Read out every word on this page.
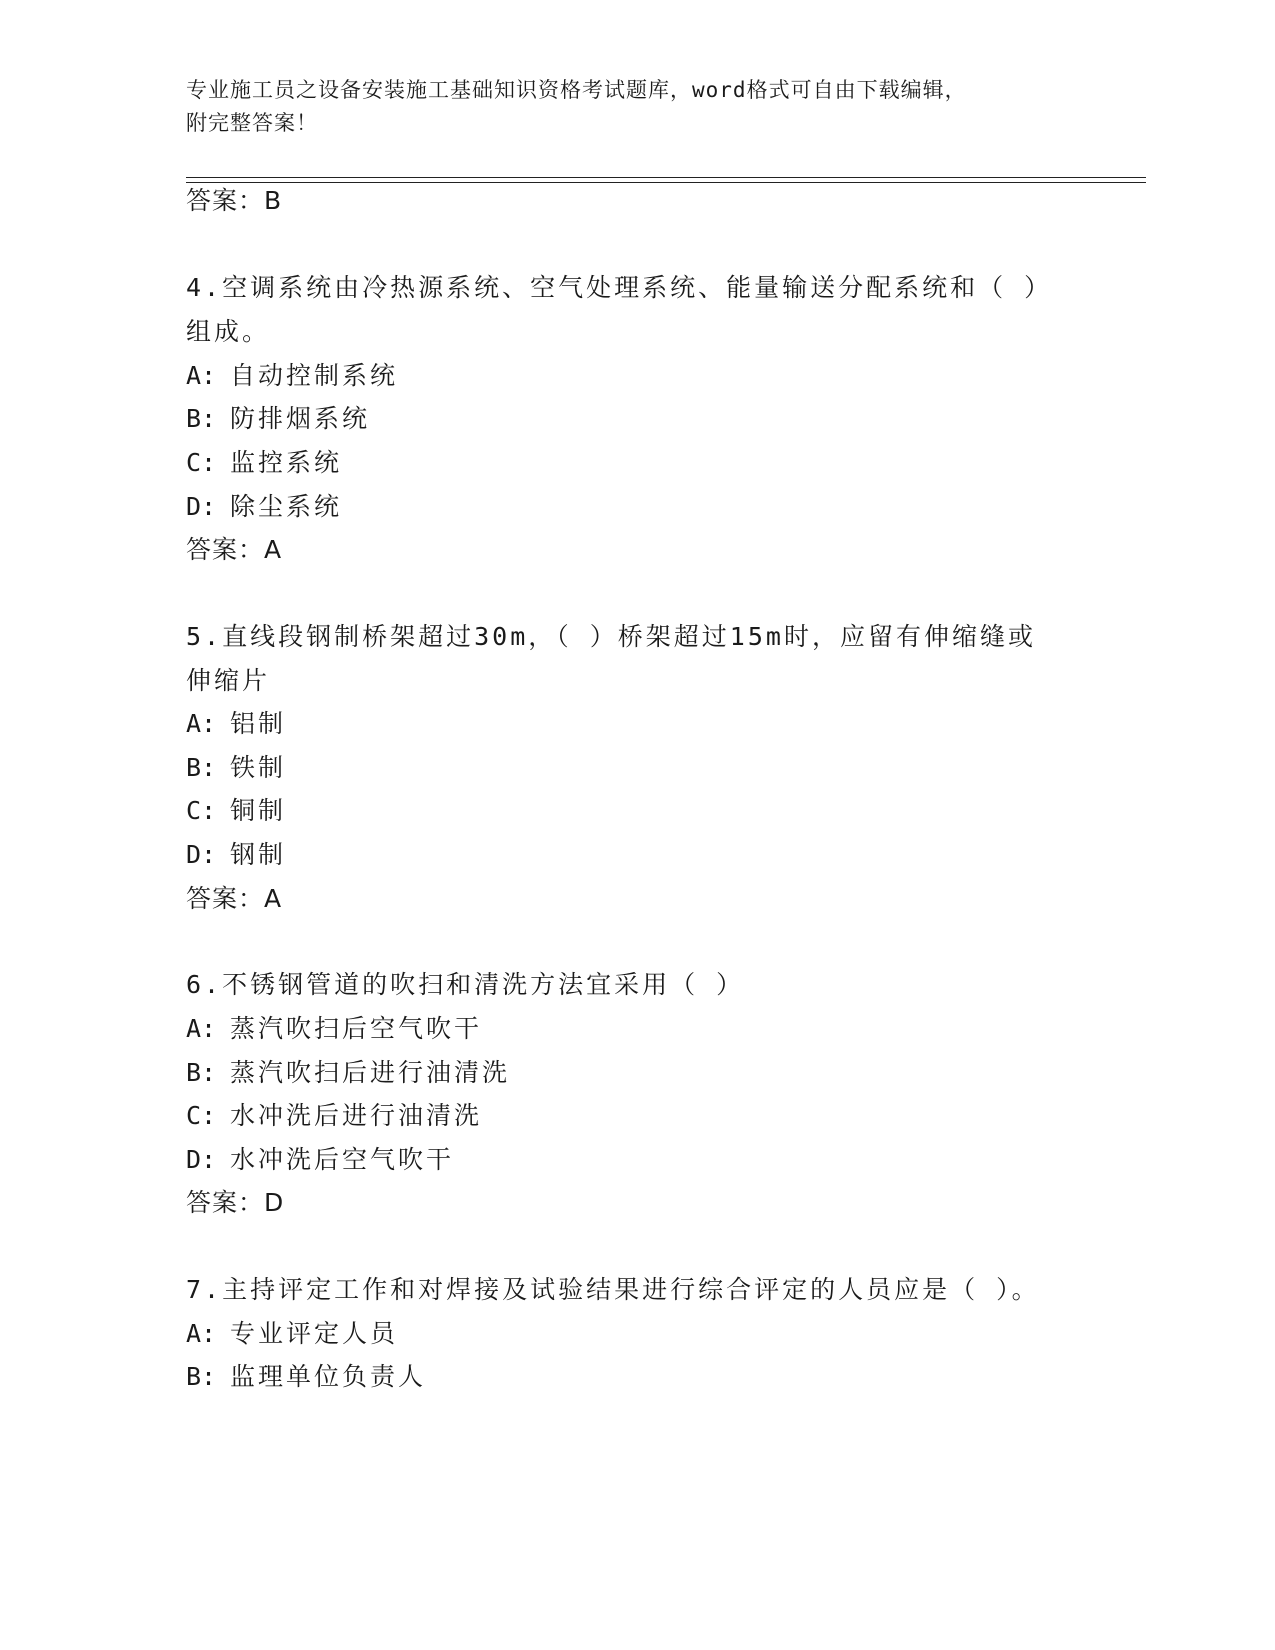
专业施工员之设备安装施工基础知识资格考试题库，word格式可自由下载编辑，
附完整答案！
答案：B
4.空调系统由冷热源系统、空气处理系统、能量输送分配系统和（ ）
组成。
A: 自动控制系统
B: 防排烟系统
C: 监控系统
D: 除尘系统
答案：A
5.直线段钢制桥架超过30m，（ ）桥架超过15m时，应留有伸缩缝或
伸缩片
A: 铝制
B: 铁制
C: 铜制
D: 钢制
答案：A
6.不锈钢管道的吹扫和清洗方法宜采用（ ）
A: 蒸汽吹扫后空气吹干
B: 蒸汽吹扫后进行油清洗
C: 水冲洗后进行油清洗
D: 水冲洗后空气吹干
答案：D
7.主持评定工作和对焊接及试验结果进行综合评定的人员应是（ ）。
A: 专业评定人员
B: 监理单位负责人
